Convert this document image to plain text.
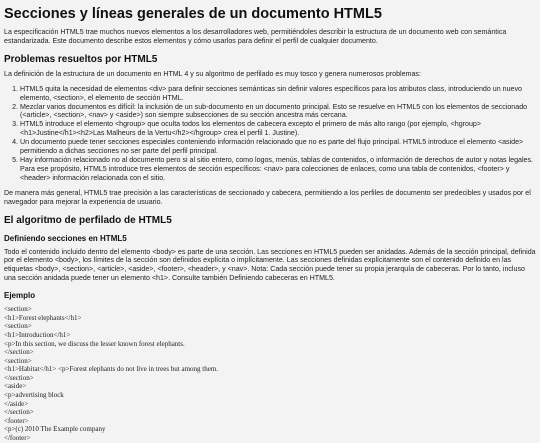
Secciones y líneas generales de un documento HTML5

La especificación HTML5 trae muchos nuevos elementos a los desarrolladores web, permitiéndoles describir la estructura de un documento web con semántica estandarizada. Este documento describe estos elementos y cómo usarlos para definir el perfil de cualquier documento.

Problemas resueltos por HTML5

La definición de la estructura de un documento en HTML 4 y su algoritmo de perfilado es muy tosco y genera numerosos problemas:

1. HTML5 quita la necesidad de elementos <div> para definir secciones semánticas sin definir valores específicos para los atributos class, introduciendo un nuevo elemento, <section>, el elemento de sección HTML.
2. Mezclar varios documentos es difícil: la inclusión de un sub-documento en un documento principal. Esto se resuelve en HTML5 con los elementos de seccionado (<article>, <section>, <nav> y <aside>) son siempre subsecciones de su sección ancestra más cercana.
3. HTML5 introduce el elemento <hgroup> que oculta todos los elementos de cabecera excepto el primero de más alto rango (por ejemplo, <hgroup><h1>Justine</h1><h2>Las Malheurs de la Vertu</h2></hgroup> crea el perfil 1. Justine).
4. Un documento puede tener secciones especiales conteniendo información relacionado que no es parte del flujo principal. HTML5 introduce el elemento <aside> permitiendo a dichas secciones no ser parte del perfil principal.
5. Hay información relacionado no al documento pero si al sitio entero, como logos, menús, tablas de contenidos, o información de derechos de autor y notas legales. Para ese propósito, HTML5 introduce tres elementos de sección específicos: <nav> para colecciones de enlaces, como una tabla de contenidos, <footer> y <header> información relacionada con el sitio.

De manera más general, HTML5 trae precisión a las características de seccionado y cabecera, permitiendo a los perfiles de documento ser predecibles y usados por el navegador para mejorar la experiencia de usuario.

El algoritmo de perfilado de HTML5
Definiendo secciones en HTML5

Todo el contenido incluido dentro del elemento <body> es parte de una sección. Las secciones en HTML5 pueden ser anidadas. Además de la sección principal, definida por el elemento <body>, los límites de la sección son definidos explícita o implícitamente. Las secciones definidas explícitamente son el contenido definido en las etiquetas <body>, <section>, <article>, <aside>, <footer>, <header>, y <nav>. Nota: Cada sección puede tener su propia jerarquía de cabeceras. Por lo tanto, incluso una sección anidada puede tener un elemento <h1>. Consulte también Definiendo cabeceras en HTML5.

Ejemplo
<section>
<h1>Forest elephants</h1>
<section>
<h1>Introduction</h1>
<p>In this section, we discuss the lesser known forest elephants.
</section>
<section>
<h1>Habitat</h1> <p>Forest elephants do not live in trees but among them.
</section>
<aside>
<p>advertising block
</aside>
</section>
<footer>
<p>(c) 2010 The Example company
</footer>
